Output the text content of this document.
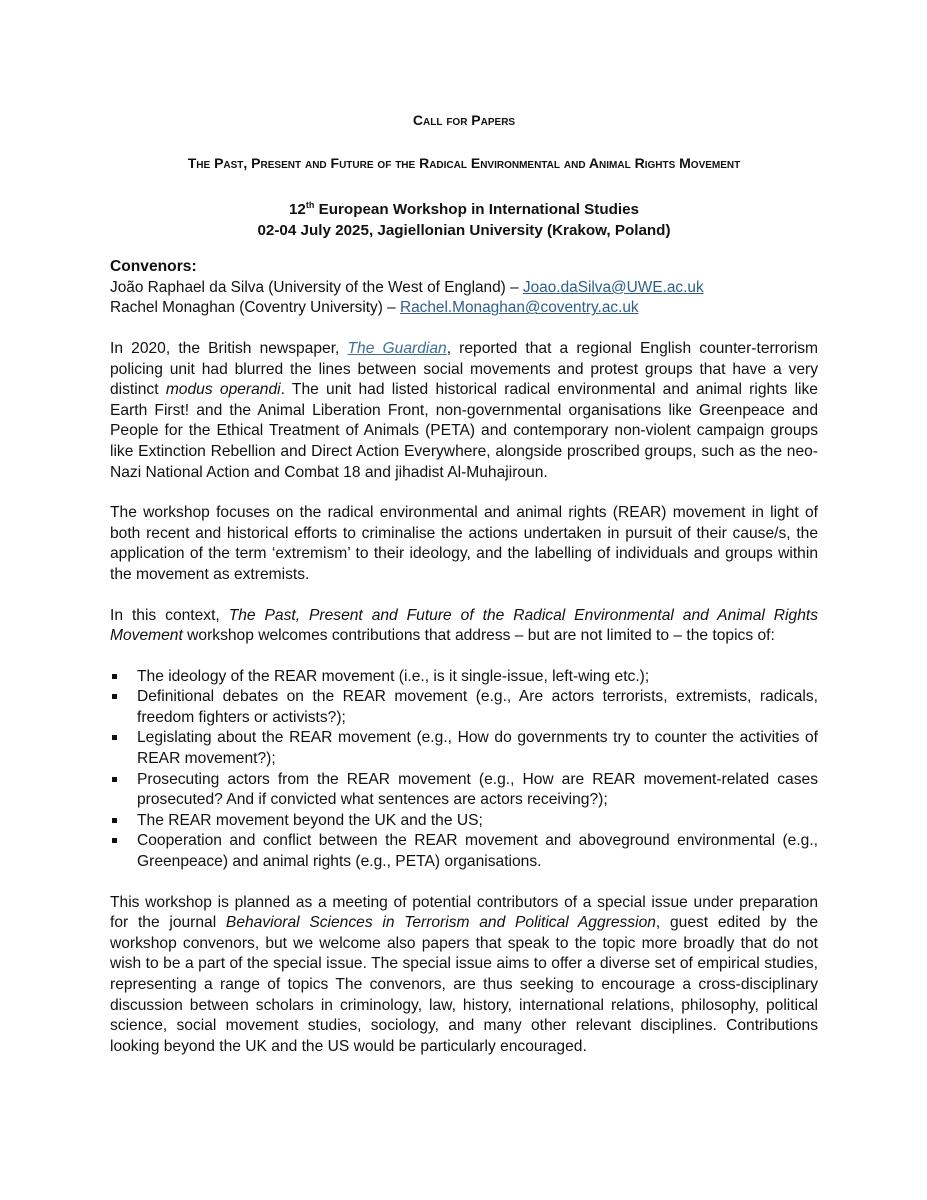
Call for Papers
The Past, Present and Future of the Radical Environmental and Animal Rights Movement
12th European Workshop in International Studies
02-04 July 2025, Jagiellonian University (Krakow, Poland)
Convenors:
João Raphael da Silva (University of the West of England) – Joao.daSilva@UWE.ac.uk
Rachel Monaghan (Coventry University) – Rachel.Monaghan@coventry.ac.uk

In 2020, the British newspaper, The Guardian, reported that a regional English counter-terrorism policing unit had blurred the lines between social movements and protest groups that have a very distinct modus operandi. The unit had listed historical radical environmental and animal rights like Earth First! and the Animal Liberation Front, non-governmental organisations like Greenpeace and People for the Ethical Treatment of Animals (PETA) and contemporary non-violent campaign groups like Extinction Rebellion and Direct Action Everywhere, alongside proscribed groups, such as the neo-Nazi National Action and Combat 18 and jihadist Al-Muhajiroun.

The workshop focuses on the radical environmental and animal rights (REAR) movement in light of both recent and historical efforts to criminalise the actions undertaken in pursuit of their cause/s, the application of the term ‘extremism’ to their ideology, and the labelling of individuals and groups within the movement as extremists.

In this context, The Past, Present and Future of the Radical Environmental and Animal Rights Movement workshop welcomes contributions that address – but are not limited to – the topics of:

The ideology of the REAR movement (i.e., is it single-issue, left-wing etc.);
Definitional debates on the REAR movement (e.g., Are actors terrorists, extremists, radicals, freedom fighters or activists?);
Legislating about the REAR movement (e.g., How do governments try to counter the activities of REAR movement?);
Prosecuting actors from the REAR movement (e.g., How are REAR movement-related cases prosecuted? And if convicted what sentences are actors receiving?);
The REAR movement beyond the UK and the US;
Cooperation and conflict between the REAR movement and aboveground environmental (e.g., Greenpeace) and animal rights (e.g., PETA) organisations.

This workshop is planned as a meeting of potential contributors of a special issue under preparation for the journal Behavioral Sciences in Terrorism and Political Aggression, guest edited by the workshop convenors, but we welcome also papers that speak to the topic more broadly that do not wish to be a part of the special issue. The special issue aims to offer a diverse set of empirical studies, representing a range of topics The convenors, are thus seeking to encourage a cross-disciplinary discussion between scholars in criminology, law, history, international relations, philosophy, political science, social movement studies, sociology, and many other relevant disciplines. Contributions looking beyond the UK and the US would be particularly encouraged.
